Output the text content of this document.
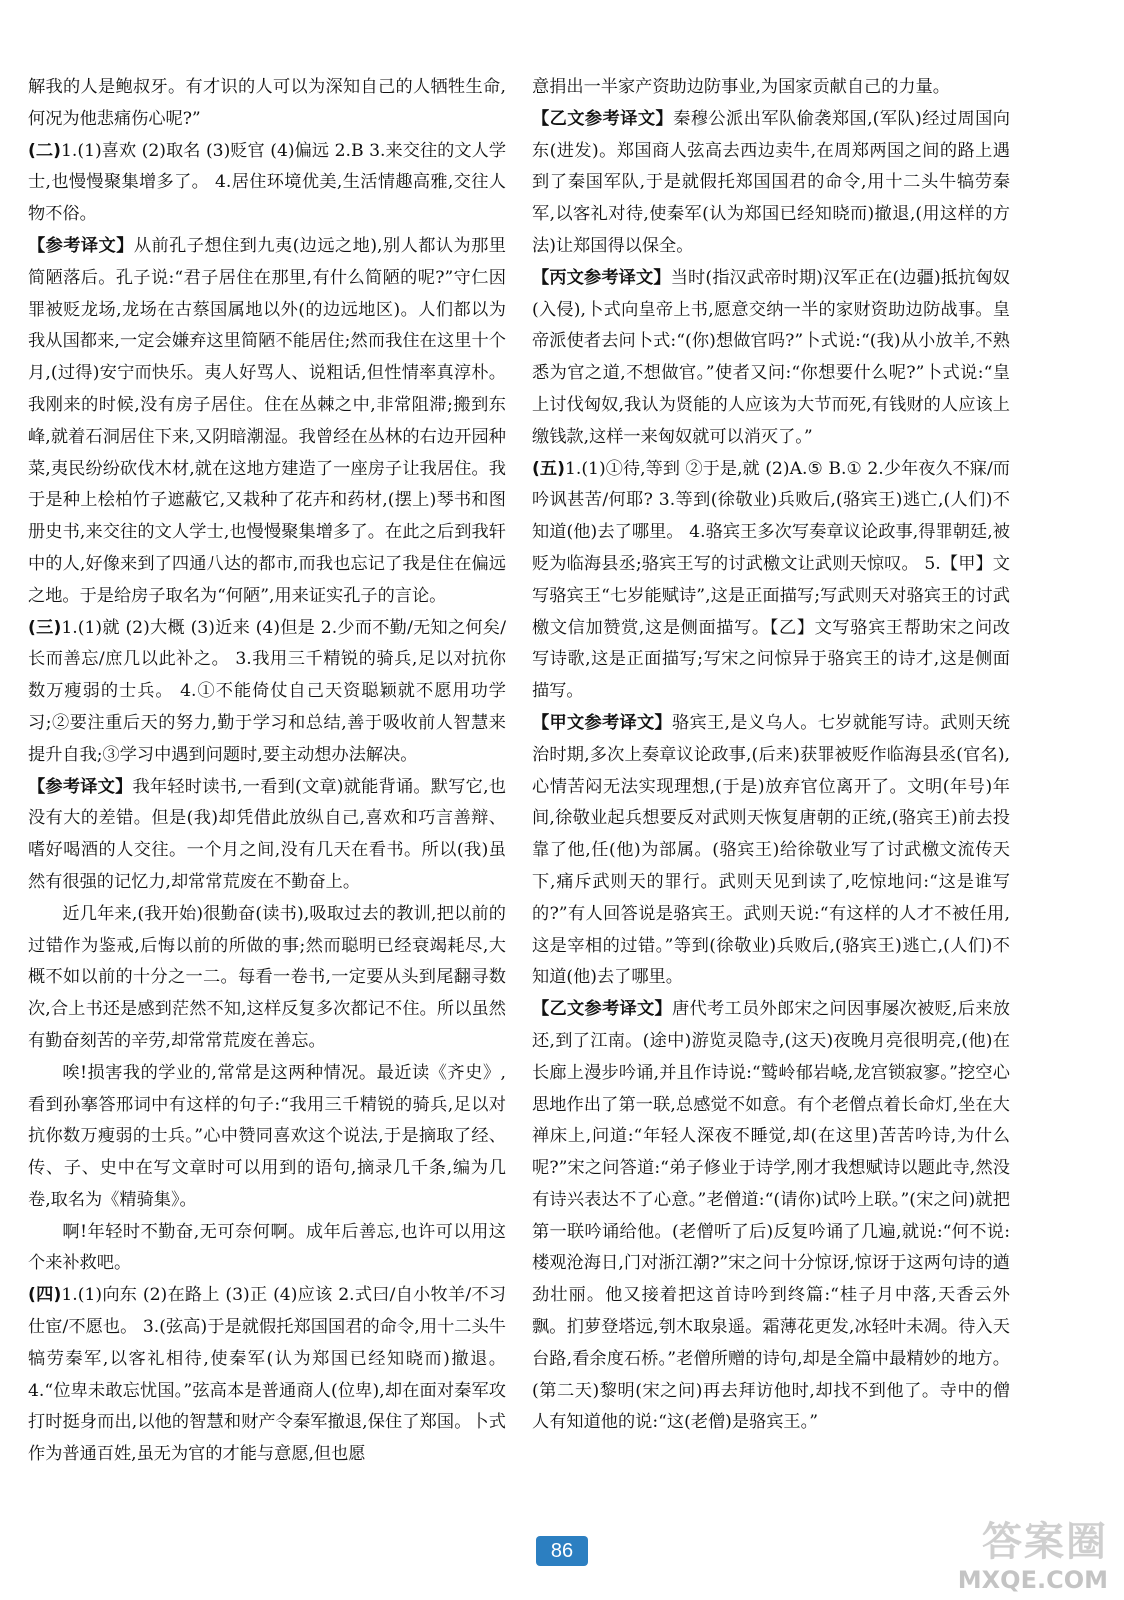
解我的人是鲍叔牙。有才识的人可以为深知自己的人牺牲生命,何况为他悲痛伤心呢?”

(二)1.(1)喜欢 (2)取名 (3)贬官 (4)偏远 2.B 3.来交往的文人学士,也慢慢聚集增多了。 4.居住环境优美,生活情趣高雅,交往人物不俗。

【参考译文】从前孔子想住到九夷(边远之地),别人都认为那里简陋落后。孔子说:“君子居住在那里,有什么简陋的呢?”守仁因罪被贬龙场,龙场在古蔡国属地以外(的边远地区)。人们都以为我从国都来,一定会嫌弃这里简陋不能居住;然而我住在这里十个月,(过得)安宁而快乐。夷人好骂人、说粗话,但性情率真淳朴。我刚来的时候,没有房子居住。住在丛棘之中,非常阻滞;搬到东峰,就着石洞居住下来,又阴暗潮湿。我曾经在丛林的右边开园种菜,夷民纷纷砍伐木材,就在这地方建造了一座房子让我居住。我于是种上桧柏竹子遮蔽它,又栽种了花卉和药材,(摆上)琴书和图册史书,来交往的文人学士,也慢慢聚集增多了。在此之后到我轩中的人,好像来到了四通八达的都市,而我也忘记了我是住在偏远之地。于是给房子取名为“何陋”,用来证实孔子的言论。

(三)1.(1)就 (2)大概 (3)近来 (4)但是 2.少而不勤/无知之何矣/长而善忘/庶几以此补之。 3.我用三千精锐的骑兵,足以对抗你数万瘦弱的士兵。 4.①不能倚仗自己天资聪颖就不愿用功学习;②要注重后天的努力,勤于学习和总结,善于吸收前人智慧来提升自我;③学习中遇到问题时,要主动想办法解决。

【参考译文】我年轻时读书,一看到(文章)就能背诵。默写它,也没有大的差错。但是(我)却凭借此放纵自己,喜欢和巧言善辩、嗜好喝酒的人交往。一个月之间,没有几天在看书。所以(我)虽然有很强的记忆力,却常常荒废在不勤奋上。

近几年来,(我开始)很勤奋(读书),吸取过去的教训,把以前的过错作为鉴戒,后悔以前的所做的事;然而聪明已经衰竭耗尽,大概不如以前的十分之一二。每看一卷书,一定要从头到尾翻寻数次,合上书还是感到茫然不知,这样反复多次都记不住。所以虽然有勤奋刻苦的辛劳,却常常荒废在善忘。

唉!损害我的学业的,常常是这两种情况。最近读《齐史》,看到孙搴答邢词中有这样的句子:“我用三千精锐的骑兵,足以对抗你数万瘦弱的士兵。”心中赞同喜欢这个说法,于是摘取了经、传、子、史中在写文章时可以用到的语句,摘录几千条,编为几卷,取名为《精骑集》。

啊!年轻时不勤奋,无可奈何啊。成年后善忘,也许可以用这个来补救吧。

(四)1.(1)向东 (2)在路上 (3)正 (4)应该 2.式曰/自小牧羊/不习仕宦/不愿也。 3.(弦高)于是就假托郑国国君的命令,用十二头牛犒劳秦军,以客礼相待,使秦军(认为郑国已经知晓而)撤退。 4.“位卑未敢忘忧国。”弦高本是普通商人(位卑),却在面对秦军攻打时挺身而出,以他的智慧和财产令秦军撤退,保住了郑国。卜式作为普通百姓,虽无为官的才能与意愿,但也愿

意捐出一半家产资助边防事业,为国家贡献自己的力量。

【乙文参考译文】秦穆公派出军队偷袭郑国,(军队)经过周国向东(进发)。郑国商人弦高去西边卖牛,在周郑两国之间的路上遇到了秦国军队,于是就假托郑国国君的命令,用十二头牛犒劳秦军,以客礼对待,使秦军(认为郑国已经知晓而)撤退,(用这样的方法)让郑国得以保全。

【丙文参考译文】当时(指汉武帝时期)汉军正在(边疆)抵抗匈奴(入侵),卜式向皇帝上书,愿意交纳一半的家财资助边防战事。皇帝派使者去问卜式:“(你)想做官吗?”卜式说:“(我)从小放羊,不熟悉为官之道,不想做官。”使者又问:“你想要什么呢?”卜式说:“皇上讨伐匈奴,我认为贤能的人应该为大节而死,有钱财的人应该上缴钱款,这样一来匈奴就可以消灭了。”

(五)1.(1)①待,等到 ②于是,就 (2)A.⑤ B.① 2.少年夜久不寐/而吟讽甚苦/何耶? 3.等到(徐敬业)兵败后,(骆宾王)逃亡,(人们)不知道(他)去了哪里。 4.骆宾王多次写奏章议论政事,得罪朝廷,被贬为临海县丞;骆宾王写的讨武檄文让武则天惊叹。 5.【甲】文写骆宾王“七岁能赋诗”,这是正面描写;写武则天对骆宾王的讨武檄文信加赞赏,这是侧面描写。【乙】文写骆宾王帮助宋之问改写诗歌,这是正面描写;写宋之问惊异于骆宾王的诗才,这是侧面描写。

【甲文参考译文】骆宾王,是义乌人。七岁就能写诗。武则天统治时期,多次上奏章议论政事,(后来)获罪被贬作临海县丞(官名),心情苦闷无法实现理想,(于是)放弃官位离开了。文明(年号)年间,徐敬业起兵想要反对武则天恢复唐朝的正统,(骆宾王)前去投靠了他,任(他)为部属。(骆宾王)给徐敬业写了讨武檄文流传天下,痛斥武则天的罪行。武则天见到读了,吃惊地问:“这是谁写的?”有人回答说是骆宾王。武则天说:“有这样的人才不被任用,这是宰相的过错。”等到(徐敬业)兵败后,(骆宾王)逃亡,(人们)不知道(他)去了哪里。

【乙文参考译文】唐代考工员外郎宋之问因事屡次被贬,后来放还,到了江南。(途中)游览灵隐寺,(这天)夜晚月亮很明亮,(他)在长廊上漫步吟诵,并且作诗说:“鹫岭郁岩峣,龙宫锁寂寥。”挖空心思地作出了第一联,总感觉不如意。有个老僧点着长命灯,坐在大禅床上,问道:“年轻人深夜不睡觉,却(在这里)苦苦吟诗,为什么呢?”宋之问答道:“弟子修业于诗学,刚才我想赋诗以题此寺,然没有诗兴表达不了心意。”老僧道:“(请你)试吟上联。”(宋之问)就把第一联吟诵给他。(老僧听了后)反复吟诵了几遍,就说:“何不说:楼观沧海日,门对浙江潮?”宋之问十分惊讶,惊讶于这两句诗的遒劲壮丽。他又接着把这首诗吟到终篇:“桂子月中落,天香云外飘。扪萝登塔远,刳木取泉遥。霜薄花更发,冰轻叶未凋。待入天台路,看余度石桥。”老僧所赠的诗句,却是全篇中最精妙的地方。(第二天)黎明(宋之问)再去拜访他时,却找不到他了。寺中的僧人有知道他的说:“这(老僧)是骆宾王。”

86	答案圈
MXQE.COM
